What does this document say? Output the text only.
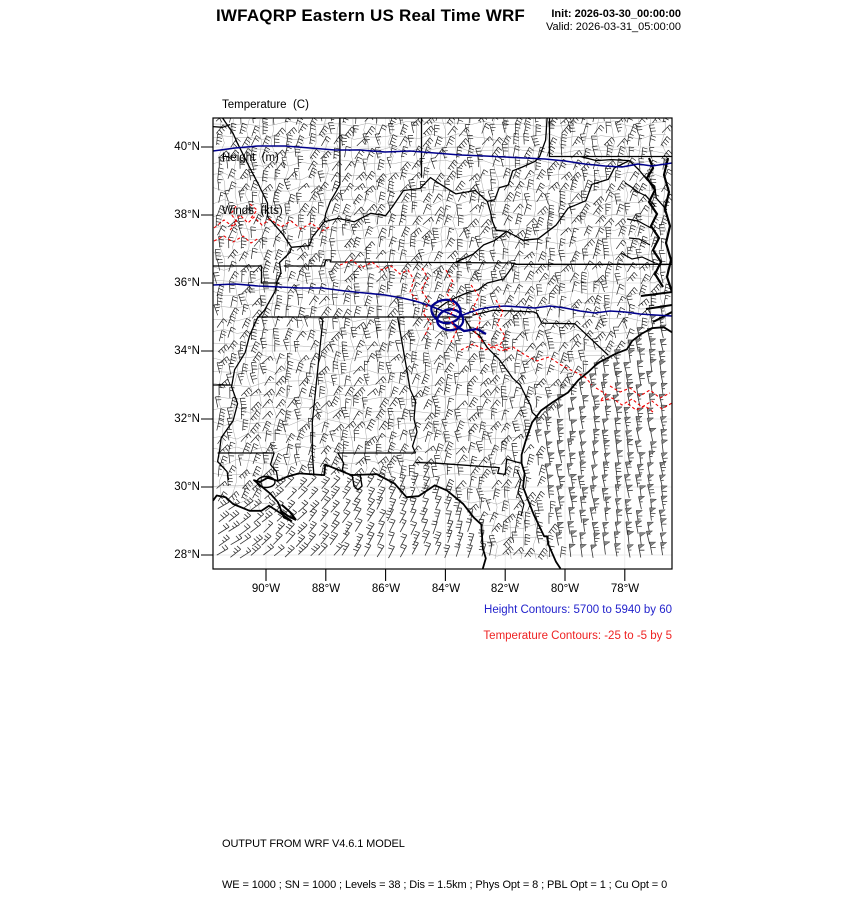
IWFAQRP Eastern US Real Time WRF Init: 2026-03-30_00:00:00
Valid: 2026-03-31_05:00:00

Temperature  (C)

Height  (m)

Winds  (kts)

40°N
38°N
36°N
34°N
32°N
30°N
28°N
90°W	88°W	86°W	84°W	82°W	80°W	78°W
Height Contours: 5700 to 5940 by 60
Temperature Contours: -25 to -5 by 5

OUTPUT FROM WRF V4.6.1 MODEL

WE = 1000 ; SN = 1000 ; Levels = 38 ; Dis = 1.5km ; Phys Opt = 8 ; PBL Opt = 1 ; Cu Opt = 0
